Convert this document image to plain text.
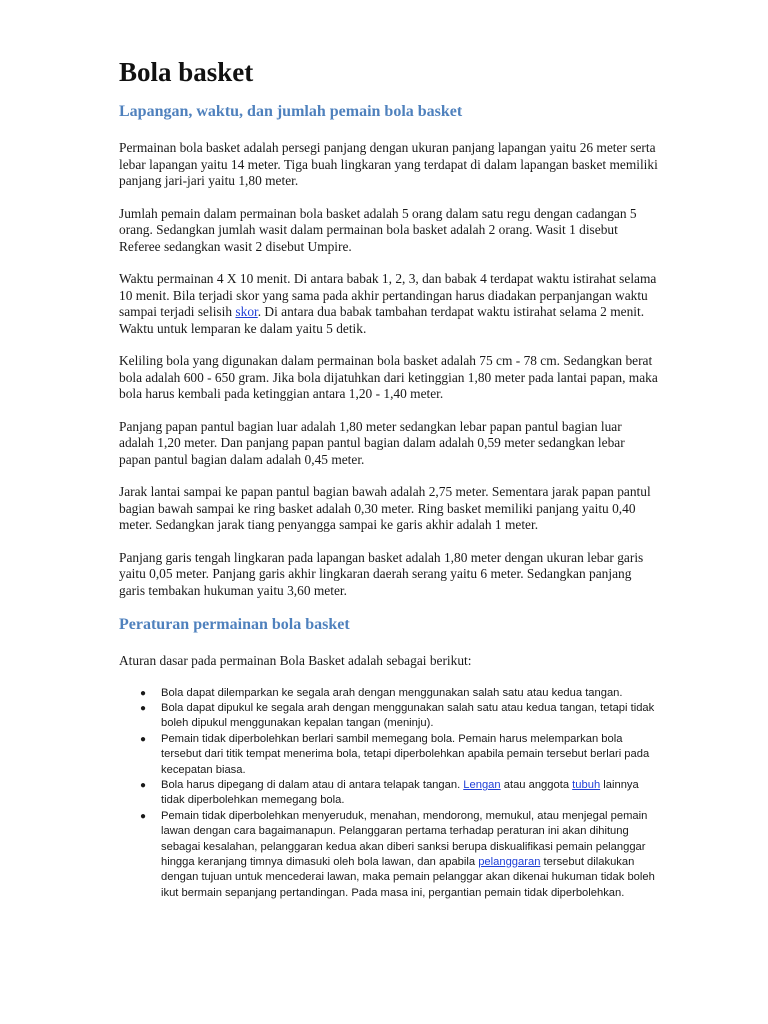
Bola basket
Lapangan, waktu, dan jumlah pemain bola basket

Permainan bola basket adalah persegi panjang dengan ukuran panjang lapangan yaitu 26 meter serta lebar lapangan yaitu 14 meter. Tiga buah lingkaran yang terdapat di dalam lapangan basket memiliki panjang jari-jari yaitu 1,80 meter.

Jumlah pemain dalam permainan bola basket adalah 5 orang dalam satu regu dengan cadangan 5 orang. Sedangkan jumlah wasit dalam permainan bola basket adalah 2 orang. Wasit 1 disebut Referee sedangkan wasit 2 disebut Umpire.

Waktu permainan 4 X 10 menit. Di antara babak 1, 2, 3, dan babak 4 terdapat waktu istirahat selama 10 menit. Bila terjadi skor yang sama pada akhir pertandingan harus diadakan perpanjangan waktu sampai terjadi selisih skor. Di antara dua babak tambahan terdapat waktu istirahat selama 2 menit. Waktu untuk lemparan ke dalam yaitu 5 detik.

Keliling bola yang digunakan dalam permainan bola basket adalah 75 cm - 78 cm. Sedangkan berat bola adalah 600 - 650 gram. Jika bola dijatuhkan dari ketinggian 1,80 meter pada lantai papan, maka bola harus kembali pada ketinggian antara 1,20 - 1,40 meter.

Panjang papan pantul bagian luar adalah 1,80 meter sedangkan lebar papan pantul bagian luar adalah 1,20 meter. Dan panjang papan pantul bagian dalam adalah 0,59 meter sedangkan lebar papan pantul bagian dalam adalah 0,45 meter.

Jarak lantai sampai ke papan pantul bagian bawah adalah 2,75 meter. Sementara jarak papan pantul bagian bawah sampai ke ring basket adalah 0,30 meter. Ring basket memiliki panjang yaitu 0,40 meter. Sedangkan jarak tiang penyangga sampai ke garis akhir adalah 1 meter.

Panjang garis tengah lingkaran pada lapangan basket adalah 1,80 meter dengan ukuran lebar garis yaitu 0,05 meter. Panjang garis akhir lingkaran daerah serang yaitu 6 meter. Sedangkan panjang garis tembakan hukuman yaitu 3,60 meter.

Peraturan permainan bola basket

Aturan dasar pada permainan Bola Basket adalah sebagai berikut:

● Bola dapat dilemparkan ke segala arah dengan menggunakan salah satu atau kedua tangan.
● Bola dapat dipukul ke segala arah dengan menggunakan salah satu atau kedua tangan, tetapi tidak boleh dipukul menggunakan kepalan tangan (meninju).
● Pemain tidak diperbolehkan berlari sambil memegang bola. Pemain harus melemparkan bola tersebut dari titik tempat menerima bola, tetapi diperbolehkan apabila pemain tersebut berlari pada kecepatan biasa.
● Bola harus dipegang di dalam atau di antara telapak tangan. Lengan atau anggota tubuh lainnya tidak diperbolehkan memegang bola.
● Pemain tidak diperbolehkan menyeruduk, menahan, mendorong, memukul, atau menjegal pemain lawan dengan cara bagaimanapun. Pelanggaran pertama terhadap peraturan ini akan dihitung sebagai kesalahan, pelanggaran kedua akan diberi sanksi berupa diskualifikasi pemain pelanggar hingga keranjang timnya dimasuki oleh bola lawan, dan apabila pelanggaran tersebut dilakukan dengan tujuan untuk mencederai lawan, maka pemain pelanggar akan dikenai hukuman tidak boleh ikut bermain sepanjang pertandingan. Pada masa ini, pergantian pemain tidak diperbolehkan.
